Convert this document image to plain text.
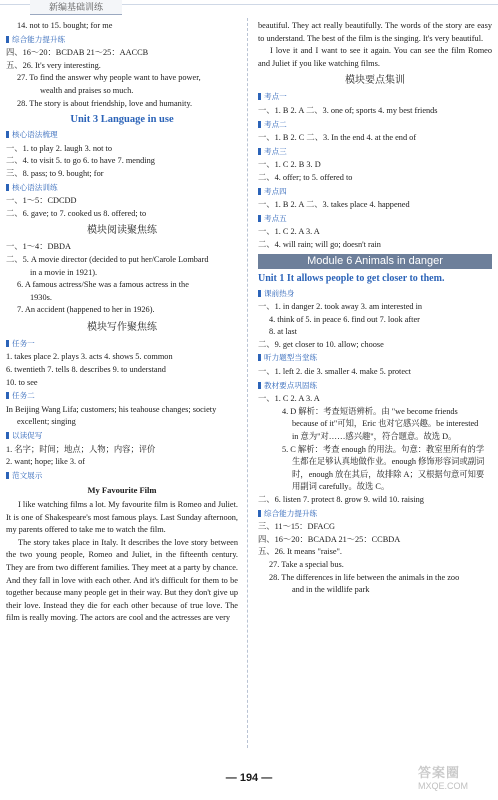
新编基础训练
14. not to 15. bought; for me
综合能力提升练
四、16～20：BCDAB 21～25：AACCB
五、26. It's very interesting.
27. To find the answer why people want to have power,
wealth and praises so much.
28. The story is about friendship, love and humanity.
Unit 3 Language in use
核心语法梳理
一、1. to play 2. laugh 3. not to
二、4. to visit 5. to go 6. to have 7. mending
三、8. pass; to 9. bought; for
核心语法训练
一、1～5：CDCDD
二、6. gave; to 7. cooked us 8. offered; to
模块阅读聚焦练
一、1～4：DBDA
二、5. A movie director (decided to put her/Carole Lombard
in a movie in 1921).
6. A famous actress/She was a famous actress in the
1930s.
7. An accident (happened to her in 1926).
模块写作聚焦练
任务一
1. takes place 2. plays 3. acts 4. shows 5. common
6. twentieth 7. tells 8. describes 9. to understand
10. to see
任务二
In Beijing Wang Lifa; customers; his teahouse changes; society
excellent; singing
以读促写
1. 名字；时间；地点；人物；内容；评价
2. want; hope; like 3. of
范文展示
My Favourite Film
I like watching films a lot. My favourite film is Romeo and Juliet. It is one of Shakespeare's most famous plays. Last Sunday afternoon, my parents offered to take me to watch the film.
The story takes place in Italy. It describes the love story between the two young people, Romeo and Juliet, in the fifteenth century. They are from two different families. They meet at a party by chance. And they fall in love with each other. And it's difficult for them to be together because many people get in their way. But they don't give up their love. Instead they die for each other because of true love. The film is really moving. The actors are cool and the actresses are very
beautiful. They act really beautifully. The words of the story are easy to understand. The best of the film is the singing. It's very beautiful.
I love it and I want to see it again. You can see the film Romeo and Juliet if you like watching films.
模块要点集训
考点一
一、1. B 2. A 二、3. one of; sports 4. my best friends
考点二
一、1. B 2. C 二、3. In the end 4. at the end of
考点三
一、1. C 2. B 3. D
二、4. offer; to 5. offered to
考点四
一、1. B 2. A 二、3. takes place 4. happened
考点五
一、1. C 2. A 3. A
二、4. will rain; will go; doesn't rain
Module 6 Animals in danger
Unit 1 It allows people to get closer to them.
课前热身
一、1. in danger 2. took away 3. am interested in
4. think of 5. in peace 6. find out 7. look after
8. at last
二、9. get closer to 10. allow; choose
听力题型当堂练
一、1. left 2. die 3. smaller 4. make 5. protect
教材要点巩固练
一、1. C 2. A 3. A
4. D 解析：考查短语辨析。由 "we become friends
because of it"可知，Eric 也对它感兴趣。be interested
in 意为"对……感兴趣"，符合题意。故选 D。
5. C 解析：考查 enough 的用法。句意：教室里所有的学
生都在足够认真地做作业。enough 修饰形容词或副词
时，enough 放在其后，故排除 A；又根据句意可知要
用副词 carefully。故选 C。
二、6. listen 7. protect 8. grow 9. wild 10. raising
综合能力提升练
三、11～15：DFACG
四、16～20：BCADA 21～25：CCBDA
五、26. It means "raise".
27. Take a special bus.
28. The differences in life between the animals in the zoo
and in the wildlife park
— 194 —	答案圈
MXQE.COM
